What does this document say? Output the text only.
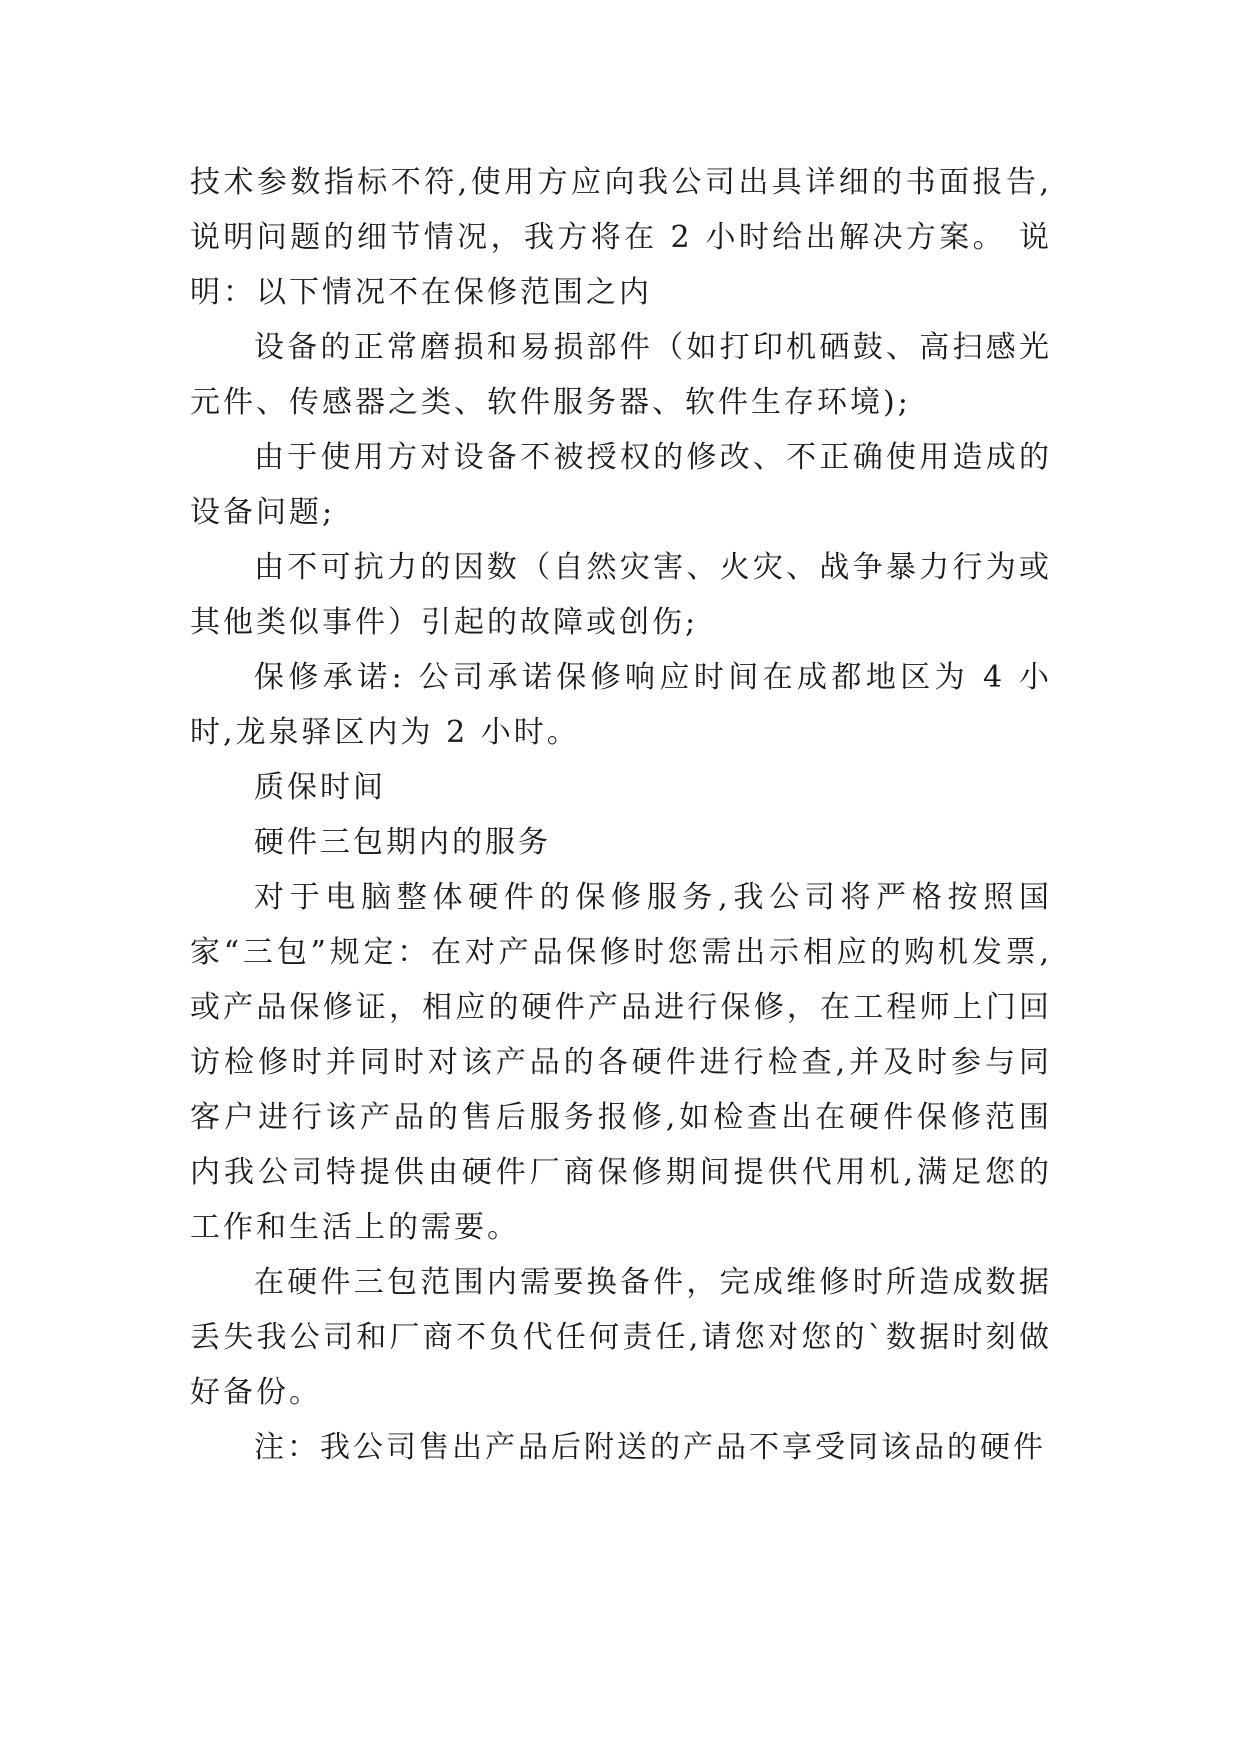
技术参数指标不符,使用方应向我公司出具详细的书面报告,说明问题的细节情况，我方将在 2 小时给出解决方案。 说明：以下情况不在保修范围之内

设备的正常磨损和易损部件（如打印机硒鼓、高扫感光元件、传感器之类、软件服务器、软件生存环境);

由于使用方对设备不被授权的修改、不正确使用造成的设备问题;

由不可抗力的因数（自然灾害、火灾、战争暴力行为或其他类似事件）引起的故障或创伤;

保修承诺: 公司承诺保修响应时间在成都地区为 4 小时,龙泉驿区内为 2 小时。

质保时间

硬件三包期内的服务

对于电脑整体硬件的保修服务,我公司将严格按照国家“三包”规定：在对产品保修时您需出示相应的购机发票,或产品保修证，相应的硬件产品进行保修，在工程师上门回访检修时并同时对该产品的各硬件进行检查,并及时参与同客户进行该产品的售后服务报修,如检查出在硬件保修范围内我公司特提供由硬件厂商保修期间提供代用机,满足您的工作和生活上的需要。

在硬件三包范围内需要换备件，完成维修时所造成数据丢失我公司和厂商不负代任何责任,请您对您的`数据时刻做好备份。

注：我公司售出产品后附送的产品不享受同该品的硬件
